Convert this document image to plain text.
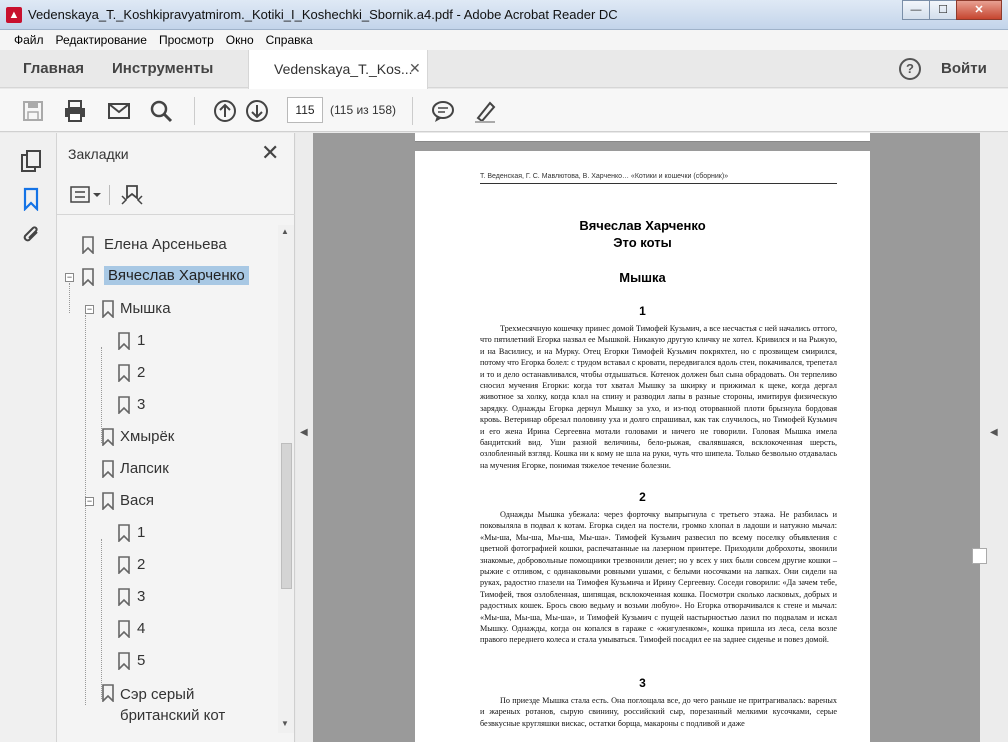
▲ Vedenskaya_T._Koshkipravyatmirom._Kotiki_I_Koshechki_Sbornik.a4.pdf - Adobe Acrobat Reader DC	—	☐	✕
Файл	Редактирование	Просмотр	Окно	Справка
Главная Инструменты	Vedenskaya_T._Kos...
✕	?	Войти
115	(115 из 158)
Закладки	✕
Елена Арсеньева
− Вячеслав Харченко
− Мышка
1
2
3
Хмырёк
Лапсик
− Вася
1
2
3
4
5
Сэр серый британский кот
▲
▼
◀	◀
Т. Веденская, Г. С. Мавлютова, В. Харченко… «Котики и кошечки (сборник)»
Вячеслав Харченко
Это коты
Мышка
1
Трехмесячную кошечку принес домой Тимофей Кузьмич, а все несчастья с ней начались оттого, что пятилетний Егорка назвал ее Мышкой. Никакую другую кличку не хотел. Кривился и на Рыжую, и на Василису, и на Мурку. Отец Егорки Тимофей Кузьмич покряхтел, но с прозвищем смирился, потому что Егорка болел: с трудом вставал с кровати, передвигался вдоль стен, покачивался, трепетал и то и дело останавливался, чтобы отдышаться. Котенок должен был сына обрадовать. Он терпеливо сносил мучения Егорки: когда тот хватал Мышку за шкирку и прижимал к щеке, когда дергал животное за холку, когда клал на спину и разводил лапы в разные стороны, имитируя физическую зарядку. Однажды Егорка дернул Мышку за ухо, и из-под оторванной плоти брызнула бордовая кровь. Ветеринар обрезал половину уха и долго спрашивал, как так случилось, но Тимофей Кузьмич и его жена Ирина Сергеевна мотали головами и ничего не говорили. Головая Мышка имела бандитский вид. Уши разной величины, бело-рыжая, свалявшаяся, всклокоченная шерсть, озлобленный взгляд. Кошка ни к кому не шла на руки, чуть что шипела. Только безвольно отдавалась на мучения Егорке, понимая тяжелое течение болезни.
2
Однажды Мышка убежала: через форточку выпрыгнула с третьего этажа. Не разбилась и поковыляла в подвал к котам. Егорка сидел на постели, громко хлопал в ладоши и натужно мычал: «Мы-ша, Мы-ша, Мы-ша, Мы-ша». Тимофей Кузьмич развесил по всему поселку объявления с цветной фотографией кошки, распечатанные на лазерном принтере. Приходили доброхоты, звонили знакомые, добровольные помощники трезвонили денег; но у всех у них были совсем другие кошки – рыжие с отливом, с одинаковыми ровными ушами, с белыми носочками на лапках. Они сидели на руках, радостно глазели на Тимофея Кузьмича и Ирину Сергеевну. Соседи говорили: «Да зачем тебе, Тимофей, твоя озлобленная, шипящая, всклокоченная кошка. Посмотри сколько ласковых, добрых и радостных кошек. Брось свою ведьму и возьми любую». Но Егорка отворачивался к стене и мычал: «Мы-ша, Мы-ша, Мы-ша», и Тимофей Кузьмич с пущей настырностью лазил по подвалам и искал Мышку. Однажды, когда он копался в гараже с «жигуленком», кошка пришла из леса, села возле правого переднего колеса и стала умываться. Тимофей посадил ее на заднее сиденье и повез домой.
3
По приезде Мышка стала есть. Она поглощала все, до чего раньше не притрагивалась: вареных и жареных ротанов, сырую свинину, российский сыр, порезанный мелкими кусочками, серые безвкусные кругляшки вискас, остатки борща, макароны с подливой и даже
